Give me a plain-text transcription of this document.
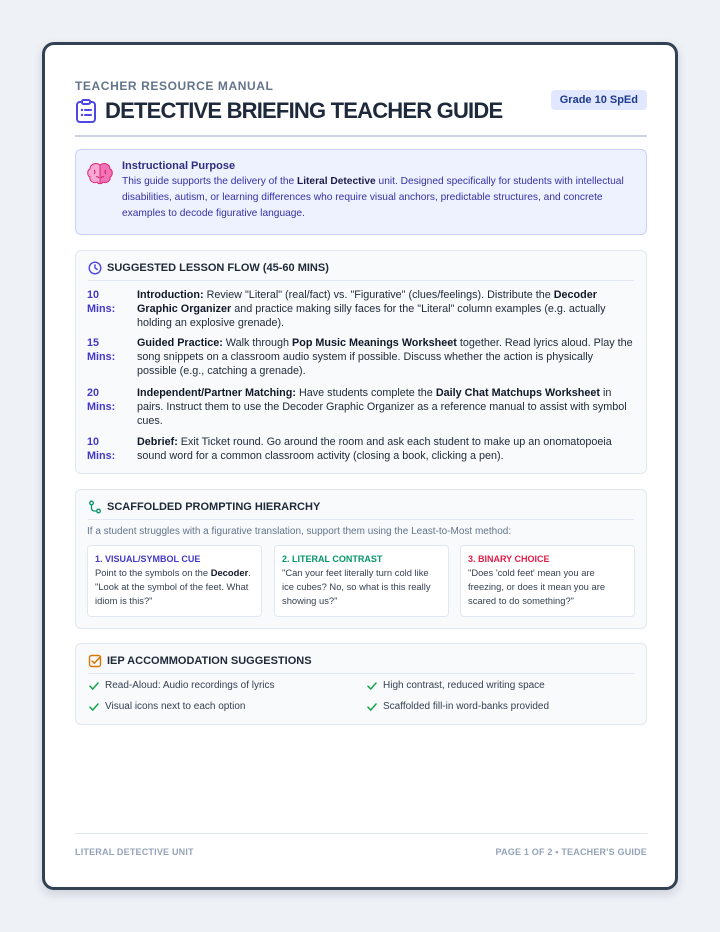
TEACHER RESOURCE MANUAL
DETECTIVE BRIEFING TEACHER GUIDE	Grade 10 SpEd
Instructional Purpose

This guide supports the delivery of the Literal Detective unit. Designed specifically for students with intellectual disabilities, autism, or learning differences who require visual anchors, predictable structures, and concrete examples to decode figurative language.

SUGGESTED LESSON FLOW (45-60 MINS)
10 Mins:
Introduction: Review "Literal" (real/fact) vs. "Figurative" (clues/feelings). Distribute the Decoder Graphic Organizer and practice making silly faces for the "Literal" column examples (e.g. actually holding an explosive grenade).
15 Mins:
Guided Practice: Walk through Pop Music Meanings Worksheet together. Read lyrics aloud. Play the song snippets on a classroom audio system if possible. Discuss whether the action is physically possible (e.g., catching a grenade).
20 Mins:
Independent/Partner Matching: Have students complete the Daily Chat Matchups Worksheet in pairs. Instruct them to use the Decoder Graphic Organizer as a reference manual to assist with symbol cues.
10 Mins:
Debrief: Exit Ticket round. Go around the room and ask each student to make up an onomatopoeia sound word for a common classroom activity (closing a book, clicking a pen).
SCAFFOLDED PROMPTING HIERARCHY
If a student struggles with a figurative translation, support them using the Least-to-Most method:
1. VISUAL/SYMBOL CUE

Point to the symbols on the Decoder. "Look at the symbol of the feet. What idiom is this?"

2. LITERAL CONTRAST

"Can your feet literally turn cold like ice cubes? No, so what is this really showing us?"

3. BINARY CHOICE

"Does 'cold feet' mean you are freezing, or does it mean you are scared to do something?"

IEP ACCOMMODATION SUGGESTIONS
Read-Aloud: Audio recordings of lyrics	High contrast, reduced writing space
Visual icons next to each option	Scaffolded fill-in word-banks provided
LITERAL DETECTIVE UNIT	PAGE 1 OF 2 • TEACHER'S GUIDE
